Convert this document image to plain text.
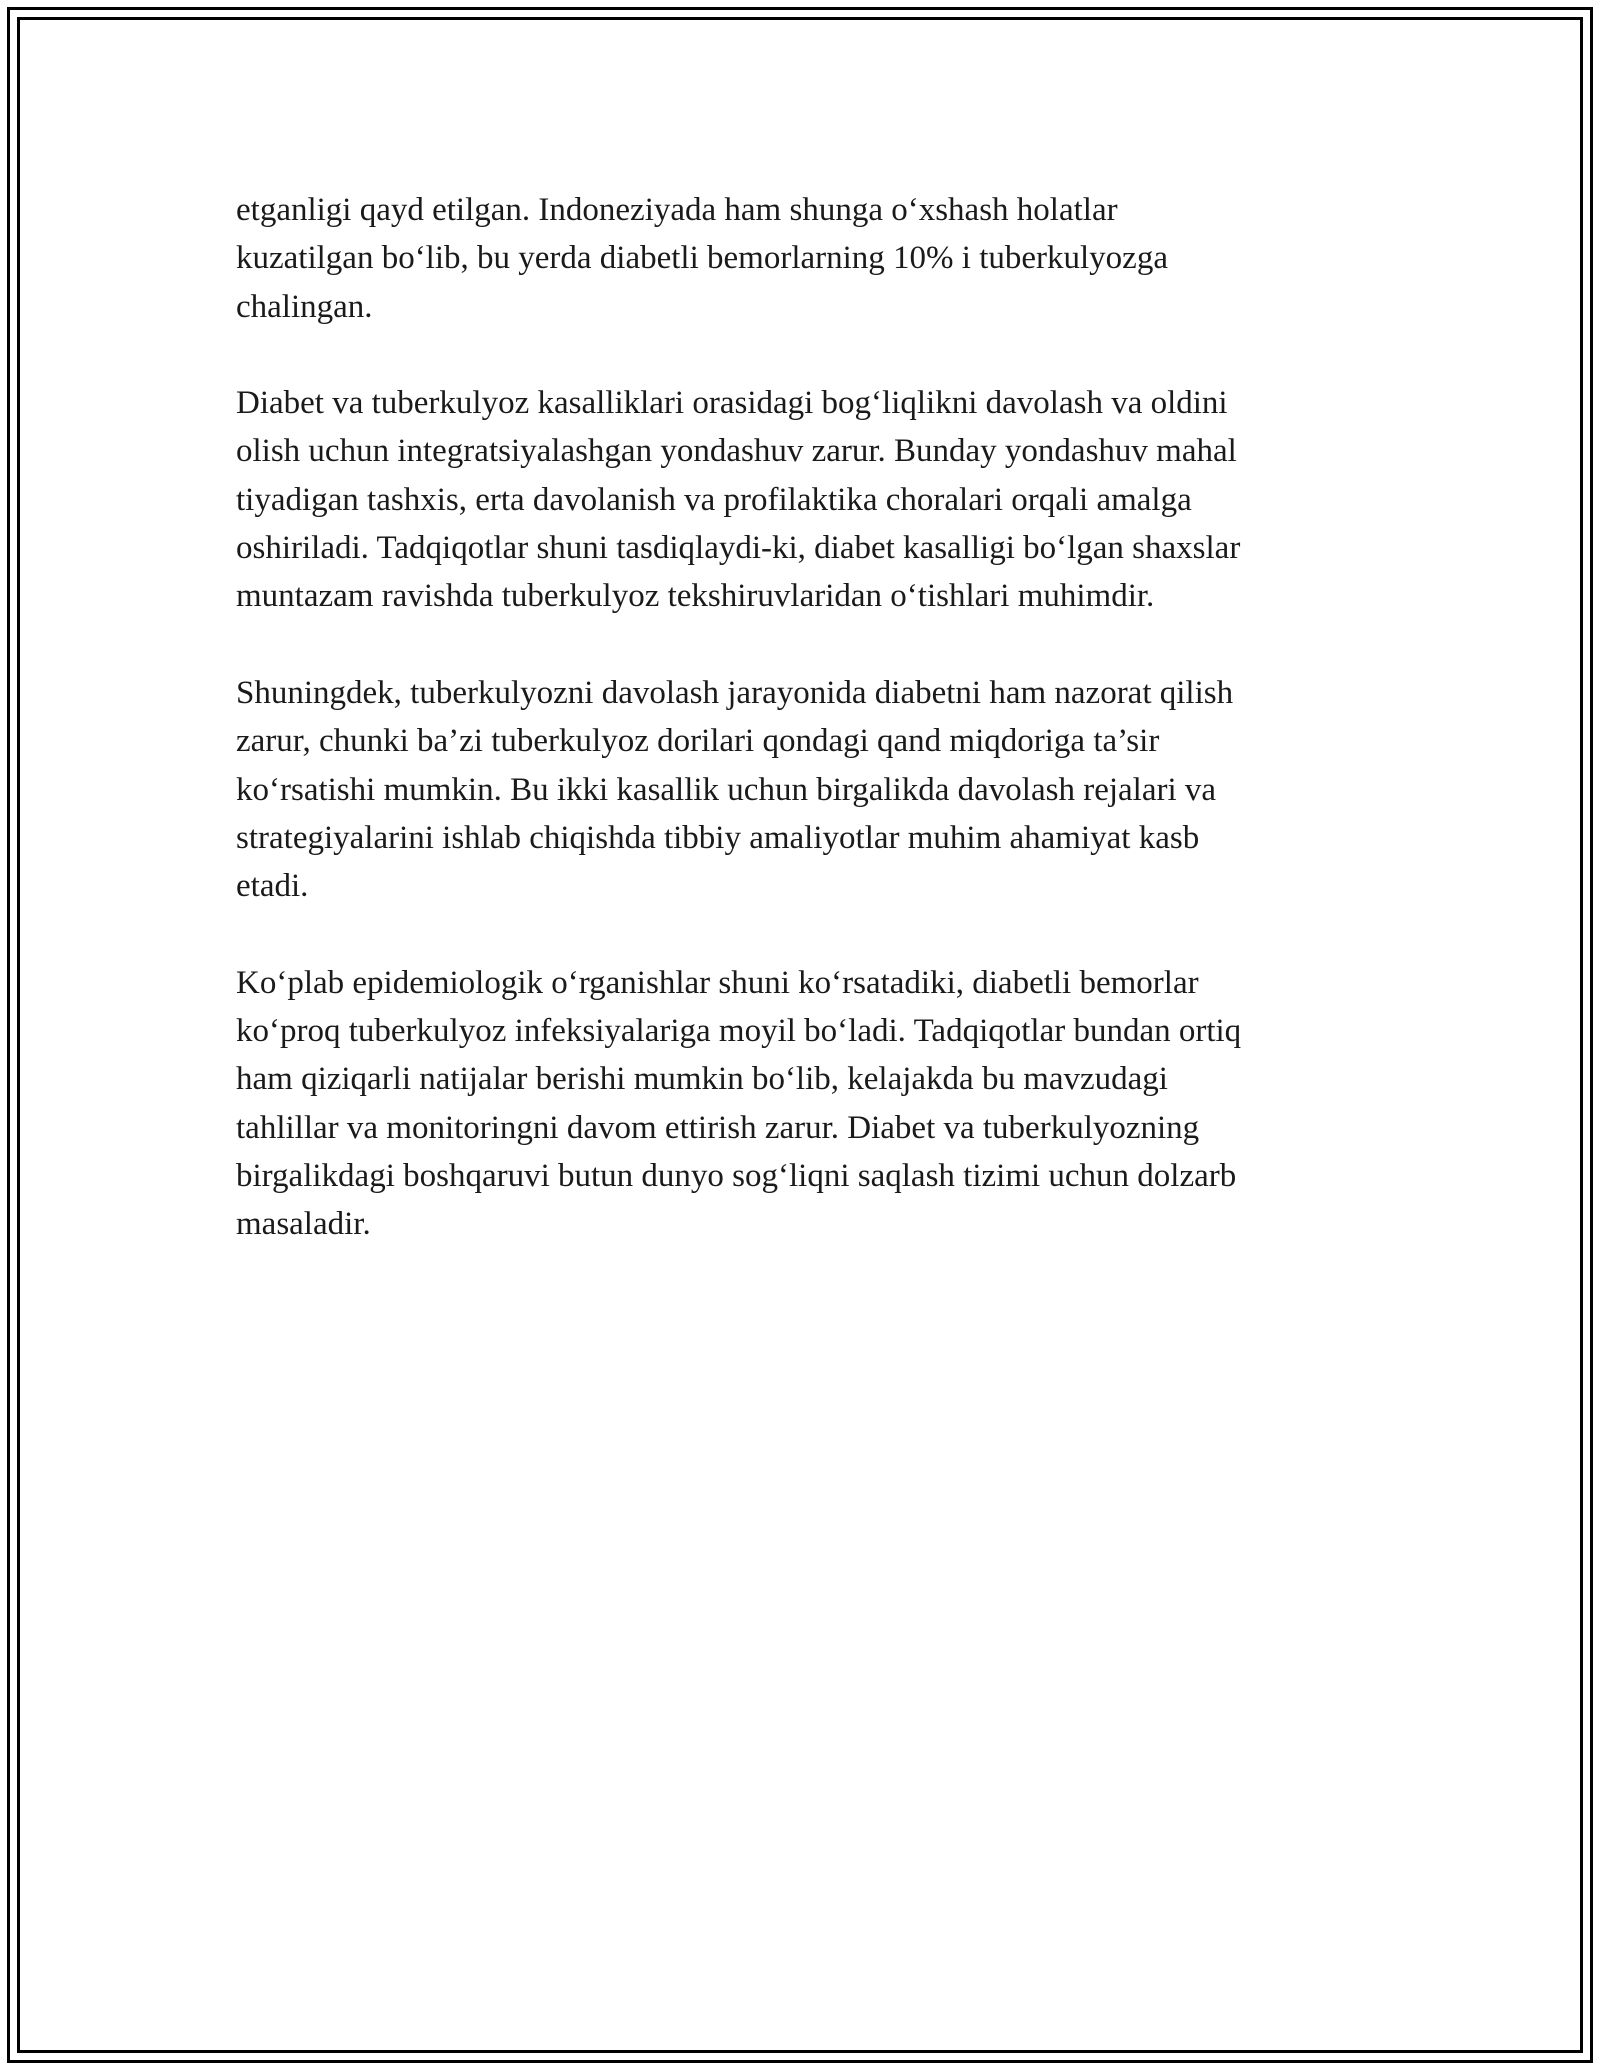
etganligi qayd etilgan. Indoneziyada ham shunga o‘xshash holatlar
kuzatilgan bo‘lib, bu yerda diabetli bemorlarning 10% i tuberkulyozga
chalingan.

Diabet va tuberkulyoz kasalliklari orasidagi bog‘liqlikni davolash va oldini
olish uchun integratsiyalashgan yondashuv zarur. Bunday yondashuv mahal
tiyadigan tashxis, erta davolanish va profilaktika choralari orqali amalga
oshiriladi. Tadqiqotlar shuni tasdiqlaydi-ki, diabet kasalligi bo‘lgan shaxslar
muntazam ravishda tuberkulyoz tekshiruvlaridan o‘tishlari muhimdir.

Shuningdek, tuberkulyozni davolash jarayonida diabetni ham nazorat qilish
zarur, chunki ba’zi tuberkulyoz dorilari qondagi qand miqdoriga ta’sir
ko‘rsatishi mumkin. Bu ikki kasallik uchun birgalikda davolash rejalari va
strategiyalarini ishlab chiqishda tibbiy amaliyotlar muhim ahamiyat kasb
etadi.

Ko‘plab epidemiologik o‘rganishlar shuni ko‘rsatadiki, diabetli bemorlar
ko‘proq tuberkulyoz infeksiyalariga moyil bo‘ladi. Tadqiqotlar bundan ortiq
ham qiziqarli natijalar berishi mumkin bo‘lib, kelajakda bu mavzudagi
tahlillar va monitoringni davom ettirish zarur. Diabet va tuberkulyozning
birgalikdagi boshqaruvi butun dunyo sog‘liqni saqlash tizimi uchun dolzarb
masaladir.
